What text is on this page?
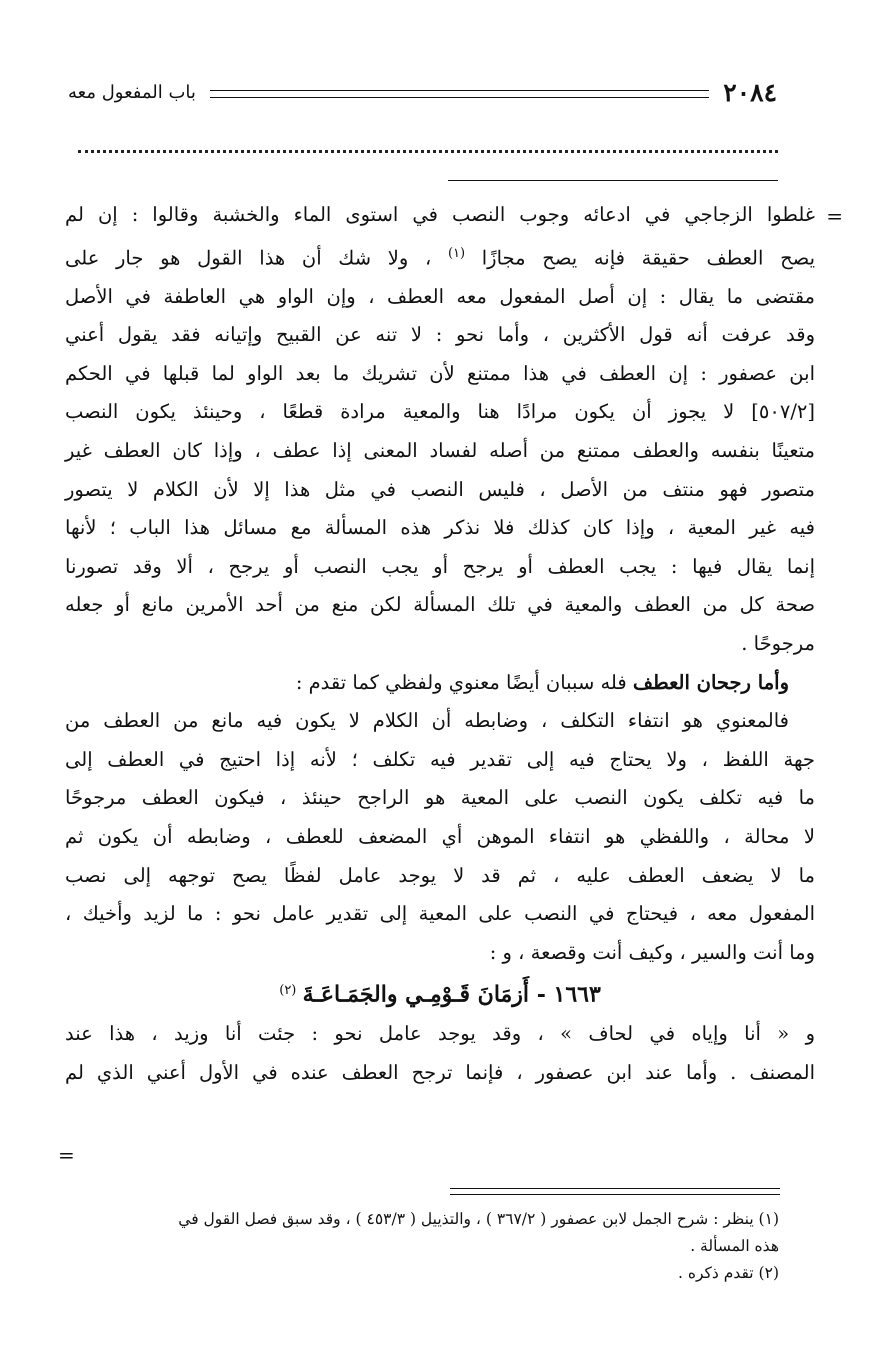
٢٠٨٤
باب المفعول معه
=
غلطوا الزجاجي في ادعائه وجوب النصب في استوى الماء والخشبة وقالوا : إن لم
يصح العطف حقيقة فإنه يصح مجازًا $^{(١)}$ ، ولا شك أن هذا القول هو جار على
مقتضى ما يقال : إن أصل المفعول معه العطف ، وإن الواو هي العاطفة في الأصل
وقد عرفت أنه قول الأكثرين ، وأما نحو : لا تنه عن القبيح وإتيانه فقد يقول أعني
ابن عصفور : إن العطف في هذا ممتنع لأن تشريك ما بعد الواو لما قبلها في الحكم
[٥٠٧/٢] لا يجوز أن يكون مرادًا هنا والمعية مرادة قطعًا ، وحينئذ يكون النصب
متعينًا بنفسه والعطف ممتنع من أصله لفساد المعنى إذا عطف ، وإذا كان العطف غير
متصور فهو منتف من الأصل ، فليس النصب في مثل هذا إلا لأن الكلام لا يتصور
فيه غير المعية ، وإذا كان كذلك فلا نذكر هذه المسألة مع مسائل هذا الباب ؛ لأنها
إنما يقال فيها : يجب العطف أو يرجح أو يجب النصب أو يرجح ، ألا وقد تصورنا
صحة كل من العطف والمعية في تلك المسألة لكن منع من أحد الأمرين مانع أو جعله
مرجوحًا .
وأما رجحان العطف فله سببان أيضًا معنوي ولفظي كما تقدم :
فالمعنوي هو انتفاء التكلف ، وضابطه أن الكلام لا يكون فيه مانع من العطف من
جهة اللفظ ، ولا يحتاج فيه إلى تقدير فيه تكلف ؛ لأنه إذا احتيج في العطف إلى
ما فيه تكلف يكون النصب على المعية هو الراجح حينئذ ، فيكون العطف مرجوحًا
لا محالة ، واللفظي هو انتفاء الموهن أي المضعف للعطف ، وضابطه أن يكون ثم
ما لا يضعف العطف عليه ، ثم قد لا يوجد عامل لفظًا يصح توجهه إلى نصب
المفعول معه ، فيحتاج في النصب على المعية إلى تقدير عامل نحو : ما لزيد وأخيك ،
وما أنت والسير ، وكيف أنت وقصعة ، و :
١٦٦٣ - أَزمَانَ قَـوْمِـي والجَمَـاعَـةَ $^{(٢)}$
و « أنا وإياه في لحاف » ، وقد يوجد عامل نحو : جئت أنا وزيد ، هذا عند
المصنف . وأما عند ابن عصفور ، فإنما ترجح العطف عنده في الأول أعني الذي لم
=
(١) ينظر : شرح الجمل لابن عصفور ( ٣٦٧/٢ ) ، والتذييل ( ٤٥٣/٣ ) ، وقد سبق فصل القول في
هذه المسألة .
(٢) تقدم ذكره .
